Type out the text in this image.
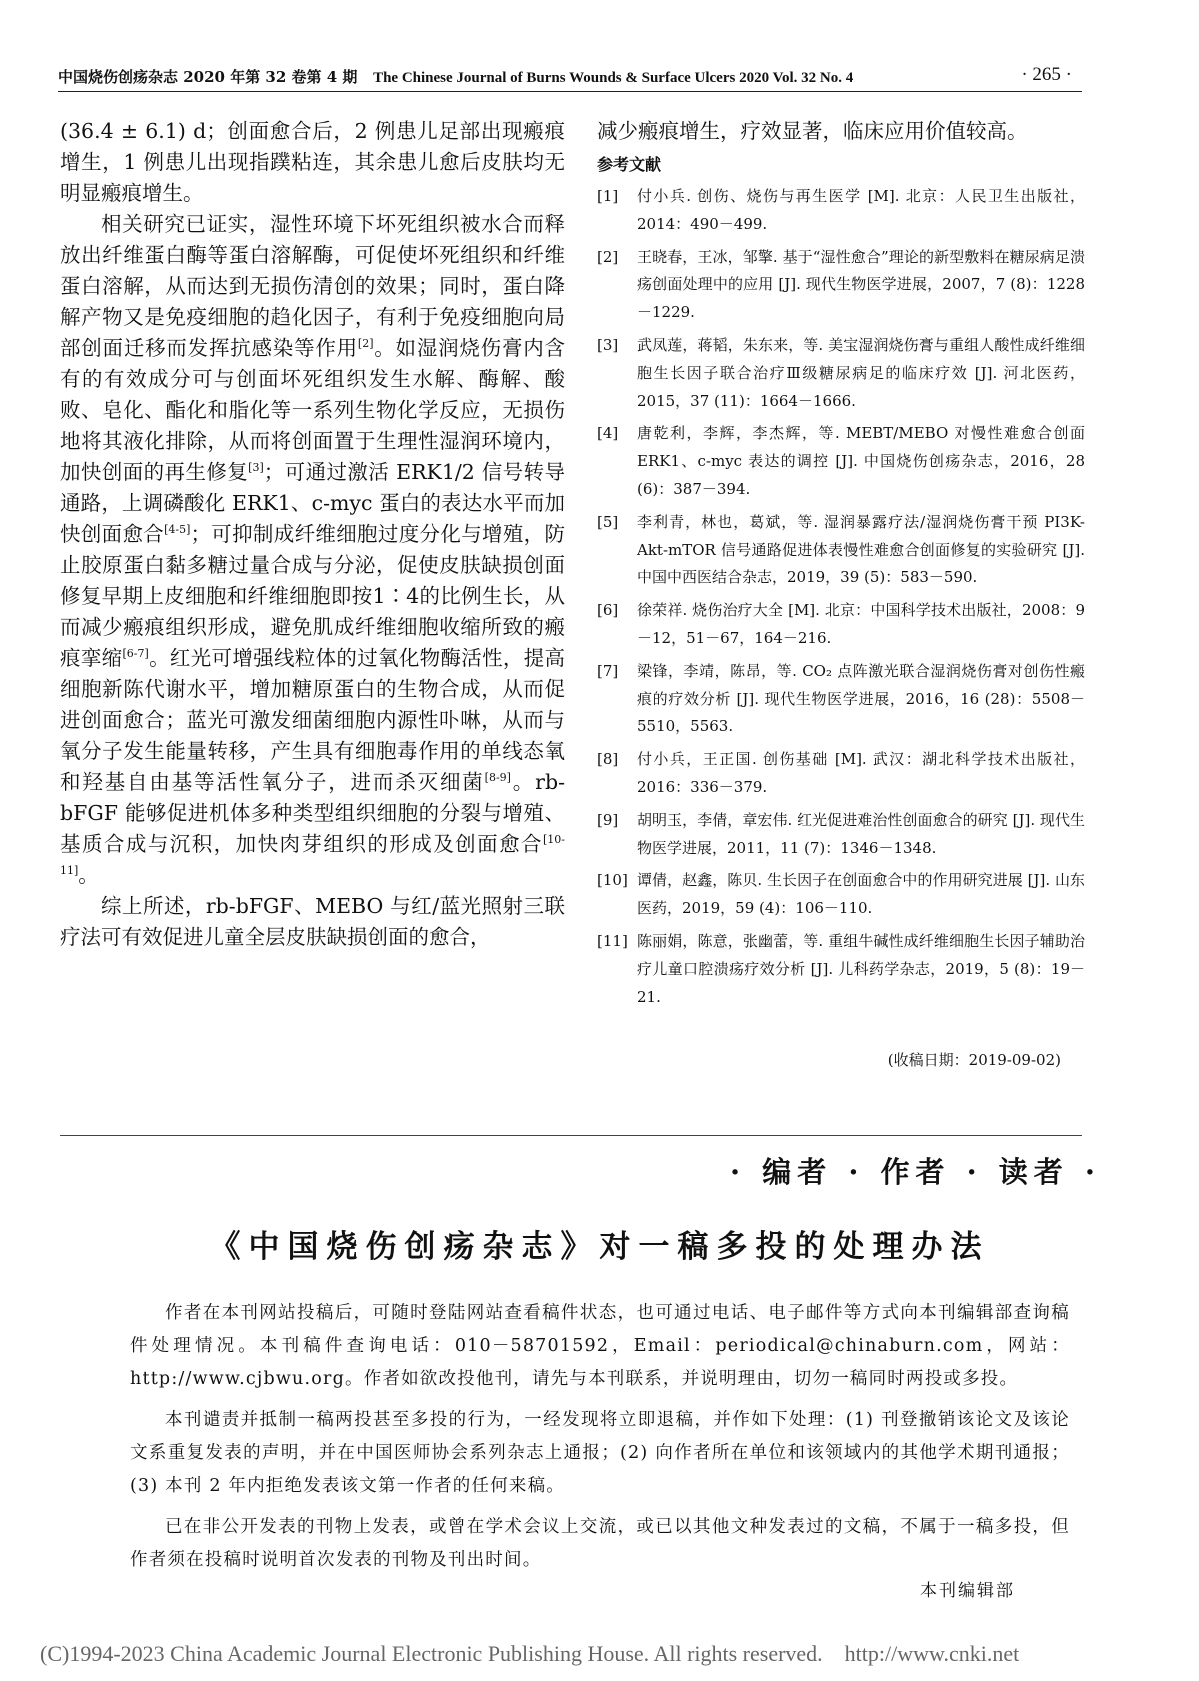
中国烧伤创疡杂志 2020 年第 32 卷第 4 期 The Chinese Journal of Burns Wounds & Surface Ulcers 2020 Vol. 32 No. 4	· 265 ·

(36.4 ± 6.1) d；创面愈合后，2 例患儿足部出现瘢痕增生，1 例患儿出现指蹼粘连，其余患儿愈后皮肤均无明显瘢痕增生。

相关研究已证实，湿性环境下坏死组织被水合而释放出纤维蛋白酶等蛋白溶解酶，可促使坏死组织和纤维蛋白溶解，从而达到无损伤清创的效果；同时，蛋白降解产物又是免疫细胞的趋化因子，有利于免疫细胞向局部创面迁移而发挥抗感染等作用[2]。如湿润烧伤膏内含有的有效成分可与创面坏死组织发生水解、酶解、酸败、皂化、酯化和脂化等一系列生物化学反应，无损伤地将其液化排除，从而将创面置于生理性湿润环境内，加快创面的再生修复[3]；可通过激活 ERK1/2 信号转导通路，上调磷酸化 ERK1、c-myc 蛋白的表达水平而加快创面愈合[4-5]；可抑制成纤维细胞过度分化与增殖，防止胶原蛋白黏多糖过量合成与分泌，促使皮肤缺损创面修复早期上皮细胞和纤维细胞即按1∶4的比例生长，从而减少瘢痕组织形成，避免肌成纤维细胞收缩所致的瘢痕挛缩[6-7]。红光可增强线粒体的过氧化物酶活性，提高细胞新陈代谢水平，增加糖原蛋白的生物合成，从而促进创面愈合；蓝光可激发细菌细胞内源性卟啉，从而与氧分子发生能量转移，产生具有细胞毒作用的单线态氧和羟基自由基等活性氧分子，进而杀灭细菌[8-9]。rb-bFGF 能够促进机体多种类型组织细胞的分裂与增殖、基质合成与沉积，加快肉芽组织的形成及创面愈合[10-11]。

综上所述，rb-bFGF、MEBO 与红/蓝光照射三联疗法可有效促进儿童全层皮肤缺损创面的愈合，

减少瘢痕增生，疗效显著，临床应用价值较高。

参考文献
[1] 付小兵. 创伤、烧伤与再生医学 [M]. 北京：人民卫生出版社，2014：490－499.
[2] 王晓春，王冰，邹擎. 基于“湿性愈合”理论的新型敷料在糖尿病足溃疡创面处理中的应用 [J]. 现代生物医学进展，2007，7 (8)：1228－1229.
[3] 武凤莲，蒋韬，朱东来，等. 美宝湿润烧伤膏与重组人酸性成纤维细胞生长因子联合治疗Ⅲ级糖尿病足的临床疗效 [J]. 河北医药，2015，37 (11)：1664－1666.
[4] 唐乾利，李辉，李杰辉，等. MEBT/MEBO 对慢性难愈合创面 ERK1、c-myc 表达的调控 [J]. 中国烧伤创疡杂志，2016，28 (6)：387－394.
[5] 李利青，林也，葛斌，等. 湿润暴露疗法/湿润烧伤膏干预 PI3K-Akt-mTOR 信号通路促进体表慢性难愈合创面修复的实验研究 [J]. 中国中西医结合杂志，2019，39 (5)：583－590.
[6] 徐荣祥. 烧伤治疗大全 [M]. 北京：中国科学技术出版社，2008：9－12，51－67，164－216.
[7] 梁锋，李靖，陈昂，等. CO₂ 点阵激光联合湿润烧伤膏对创伤性瘢痕的疗效分析 [J]. 现代生物医学进展，2016，16 (28)：5508－5510，5563.
[8] 付小兵，王正国. 创伤基础 [M]. 武汉：湖北科学技术出版社，2016：336－379.
[9] 胡明玉，李倩，章宏伟. 红光促进难治性创面愈合的研究 [J]. 现代生物医学进展，2011，11 (7)：1346－1348.
[10] 谭倩，赵鑫，陈贝. 生长因子在创面愈合中的作用研究进展 [J]. 山东医药，2019，59 (4)：106－110.
[11] 陈丽娟，陈意，张幽蕾，等. 重组牛碱性成纤维细胞生长因子辅助治疗儿童口腔溃疡疗效分析 [J]. 儿科药学杂志，2019，5 (8)：19－21.
(收稿日期：2019-09-02)
· 编者 · 作者 · 读者 ·
《中国烧伤创疡杂志》对一稿多投的处理办法

作者在本刊网站投稿后，可随时登陆网站查看稿件状态，也可通过电话、电子邮件等方式向本刊编辑部查询稿件处理情况。本刊稿件查询电话：010－58701592，Email：periodical@chinaburn.com，网站：http://www.cjbwu.org。作者如欲改投他刊，请先与本刊联系，并说明理由，切勿一稿同时两投或多投。

本刊谴责并抵制一稿两投甚至多投的行为，一经发现将立即退稿，并作如下处理：(1) 刊登撤销该论文及该论文系重复发表的声明，并在中国医师协会系列杂志上通报；(2) 向作者所在单位和该领域内的其他学术期刊通报；(3) 本刊 2 年内拒绝发表该文第一作者的任何来稿。

已在非公开发表的刊物上发表，或曾在学术会议上交流，或已以其他文种发表过的文稿，不属于一稿多投，但作者须在投稿时说明首次发表的刊物及刊出时间。

本刊编辑部
(C)1994-2023 China Academic Journal Electronic Publishing House. All rights reserved.    http://www.cnki.net
